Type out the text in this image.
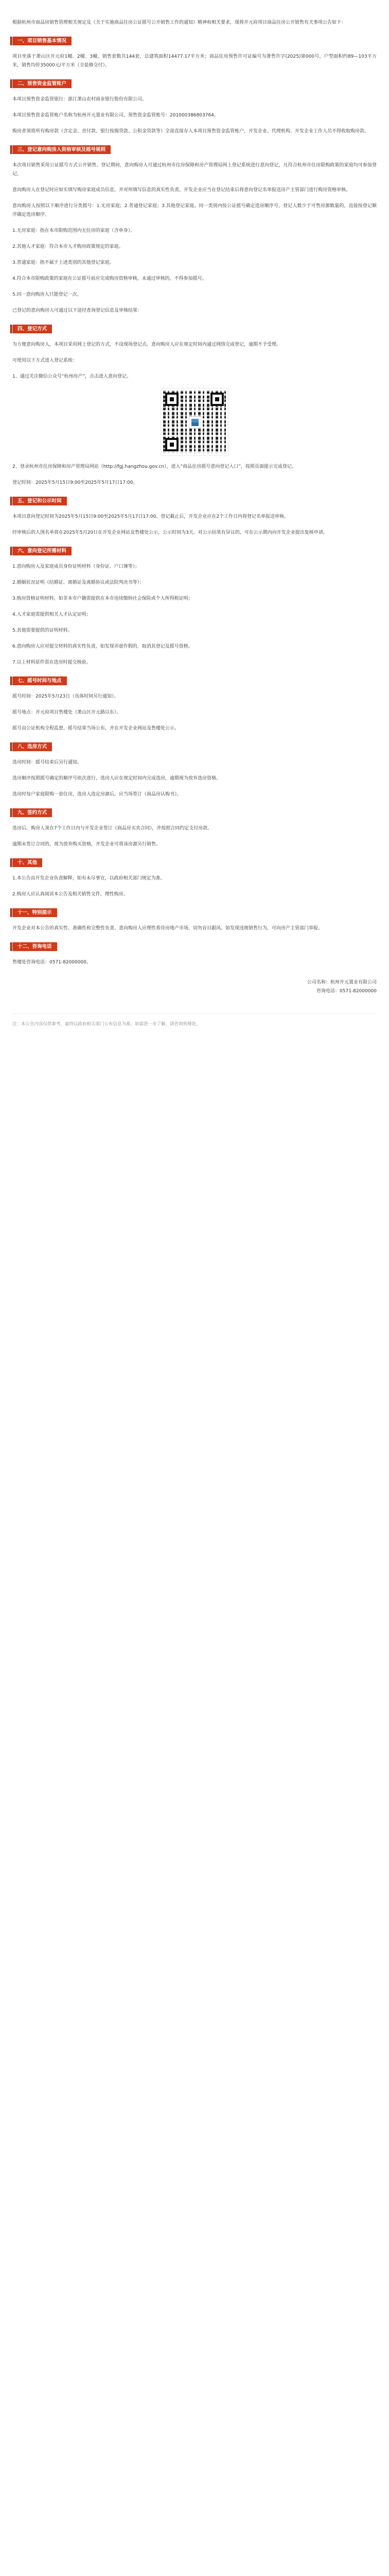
根据杭州市商品房销售管理相关规定及《关于实施商品住房公证摇号公开销售工作的通知》精神和相关要求，现将开元府项目商品住房公开销售有关事项公告如下：

一、项目销售基本情况

项目坐落于萧山区开元府1幢、2幢、3幢，销售套数共144套，总建筑面积14477.17平方米；商品住房预售许可证编号为萧售许字(2025)第000号，户型面积约89—103平方米，销售均价35000元/平方米（全装修交付）。

二、预售资金监管账户

本项目预售资金监管银行：浙江萧山农村商业银行股份有限公司。

本项目预售资金监管账户名称为杭州开元置业有限公司，预售资金监管账号：201000386803764。

购房者须将所有购房款（含定金、首付款、银行按揭贷款、公积金贷款等）全部直接存入本项目预售资金监管账户，开发企业、代理机构、开发企业工作人员不得收取购房款。

三、登记意向购房人资格审核及摇号规则

本次项目销售采用公证摇号方式公开销售。登记期间，意向购房人可通过杭州市住房保障和房产管理局网上登记系统进行意向登记，凡符合杭州市住房限购政策的家庭均可参加登记。

意向购房人在登记时应如实填写购房家庭成员信息，并对所填写信息的真实性负责。开发企业应当在登记结束后将意向登记名单报送房产主管部门进行购房资格审核。

意向购房人按照以下顺序进行分类摇号：1.无房家庭；2.普通登记家庭；3.其他登记家庭。同一类别内按公证摇号确定选房顺序号，登记人数少于可售房源数量的，直接按登记顺序确定选房顺序。

1.无房家庭：指在本市限购范围内无住房的家庭（含单身）。

2.其他人才家庭：符合本市人才购房政策规定的家庭。

3.普通家庭：指不属于上述类别的其他登记家庭。

4.符合本市限购政策的家庭在公证摇号前应完成购房资格审核，未通过审核的，不得参加摇号。

5.同一意向购房人只能登记一次。

已登记的意向购房人可通过以下途径查询登记信息及审核结果：

四、登记方式

为方便意向购房人，本项目采用网上登记的方式，不设现场登记点。意向购房人应在规定时间内通过网络完成登记，逾期不予受理。

可使用以下方式进入登记系统：

1、通过关注微信公众号“杭州房产”，点击进入意向登记。

2、登录杭州市住房保障和房产管理局网站（http://fgj.hangzhou.gov.cn），进入“商品住房摇号意向登记入口”，按照页面提示完成登记。

登记时间：2025年5月15日9:00至2025年5月17日17:00。

五、登记和公示时间

本项目意向登记时间为2025年5月15日9:00至2025年5月17日17:00。登记截止后，开发企业应在2个工作日内将登记名单报送审核。

经审核后的入围名单将在2025年5月20日在开发企业网站及售楼处公示，公示时间为3天。对公示结果有异议的，可在公示期内向开发企业提出复核申请。

六、意向登记所需材料

1.意向购房人及家庭成员身份证明材料（身份证、户口簿等）；

2.婚姻状况证明（结婚证、离婚证及离婚协议或法院判决书等）；

3.购房资格证明材料，如非本市户籍需提供在本市连续缴纳社会保险或个人所得税证明；

4.人才家庭需提供相关人才认定证明；

5.其他需要提供的证明材料。

6.意向购房人应对提交材料的真实性负责，如发现弄虚作假的，取消其登记及摇号资格。

7.以上材料原件需在选房时提交核验。

七、摇号时间与地点

摇号时间：2025年5月23日（具体时间另行通知）。

摇号地点：开元府项目售楼处（萧山区开元路以东）。

摇号由公证机构全程监督，摇号结果当场公布，并在开发企业网站及售楼处公示。

八、选房方式

选房时间：摇号结束后另行通知。

选房顺序按照摇号确定的顺序号依次进行，选房人应在规定时间内完成选房，逾期视为放弃选房资格。

选房时每户家庭限购一套住房，选房人选定房源后，应当场签订《商品房认购书》。

九、签约方式

选房后，购房人须在7个工作日内与开发企业签订《商品房买卖合同》，并按照合同约定支付房款。

逾期未签订合同的，视为放弃购买资格，开发企业可将该房源另行销售。

十、其他

1.本公告由开发企业负责解释，如有未尽事宜，以政府相关部门规定为准。

2.购房人应认真阅读本公告及相关销售文件，理性购房。

十一、特别提示

开发企业对本公告的真实性、准确性和完整性负责。意向购房人应理性看待房地产市场，切勿盲目跟风。如发现违规销售行为，可向房产主管部门举报。

十二、咨询电话

售楼处咨询电话：0571-82000000。

公司名称：杭州开元置业有限公司

咨询电话：0571-82000000

注：本公告内容仅供参考，最终以政府相关部门公布信息为准。如需进一步了解，请咨询售楼处。
